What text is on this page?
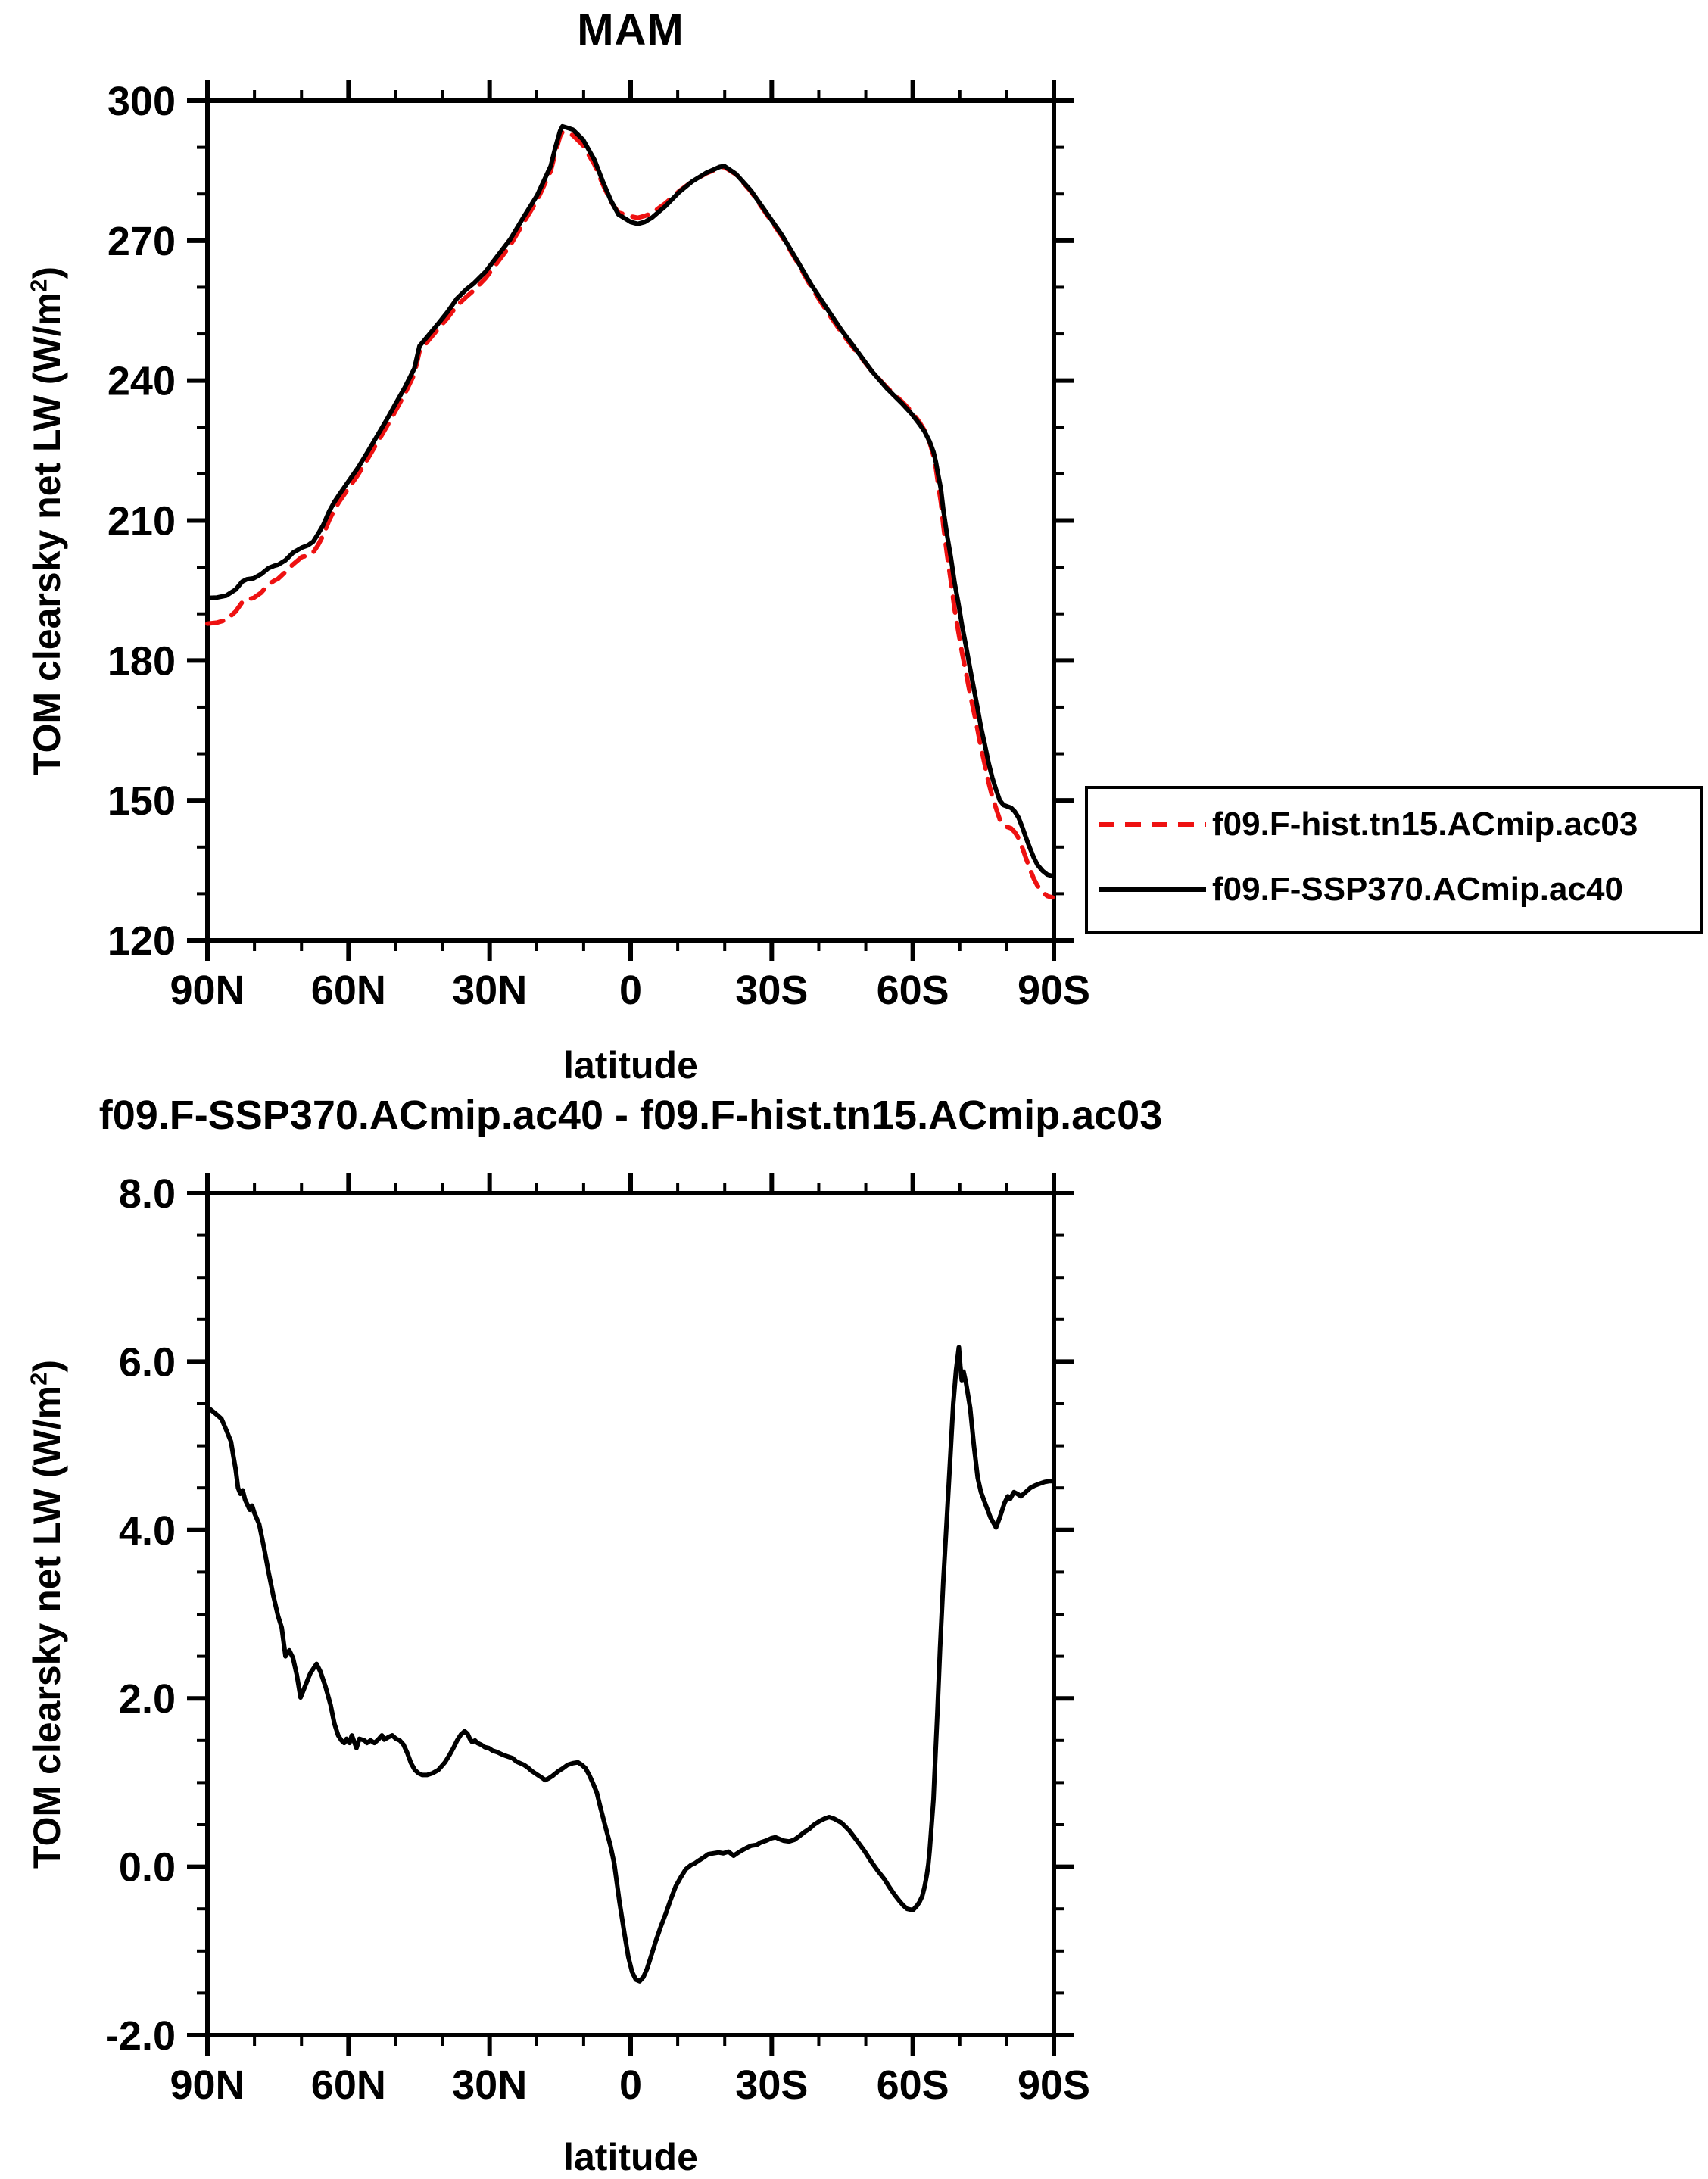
90N 60N 30N 0 30S 60S 90S
300
270
240
210
180
150
120
90N 60N 30N 0 30S 60S 90S
8.0
6.0
4.0
2.0
0.0
-2.0
MAM
TOM clearsky net LW $(W/m^2)$
latitude
f09.F-hist.tn15.ACmip.ac03
f09.F-SSP370.ACmip.ac40
f09.F-SSP370.ACmip.ac40 - f09.F-hist.tn15.ACmip.ac03
TOM clearsky net LW $(W/m^2)$
latitude
